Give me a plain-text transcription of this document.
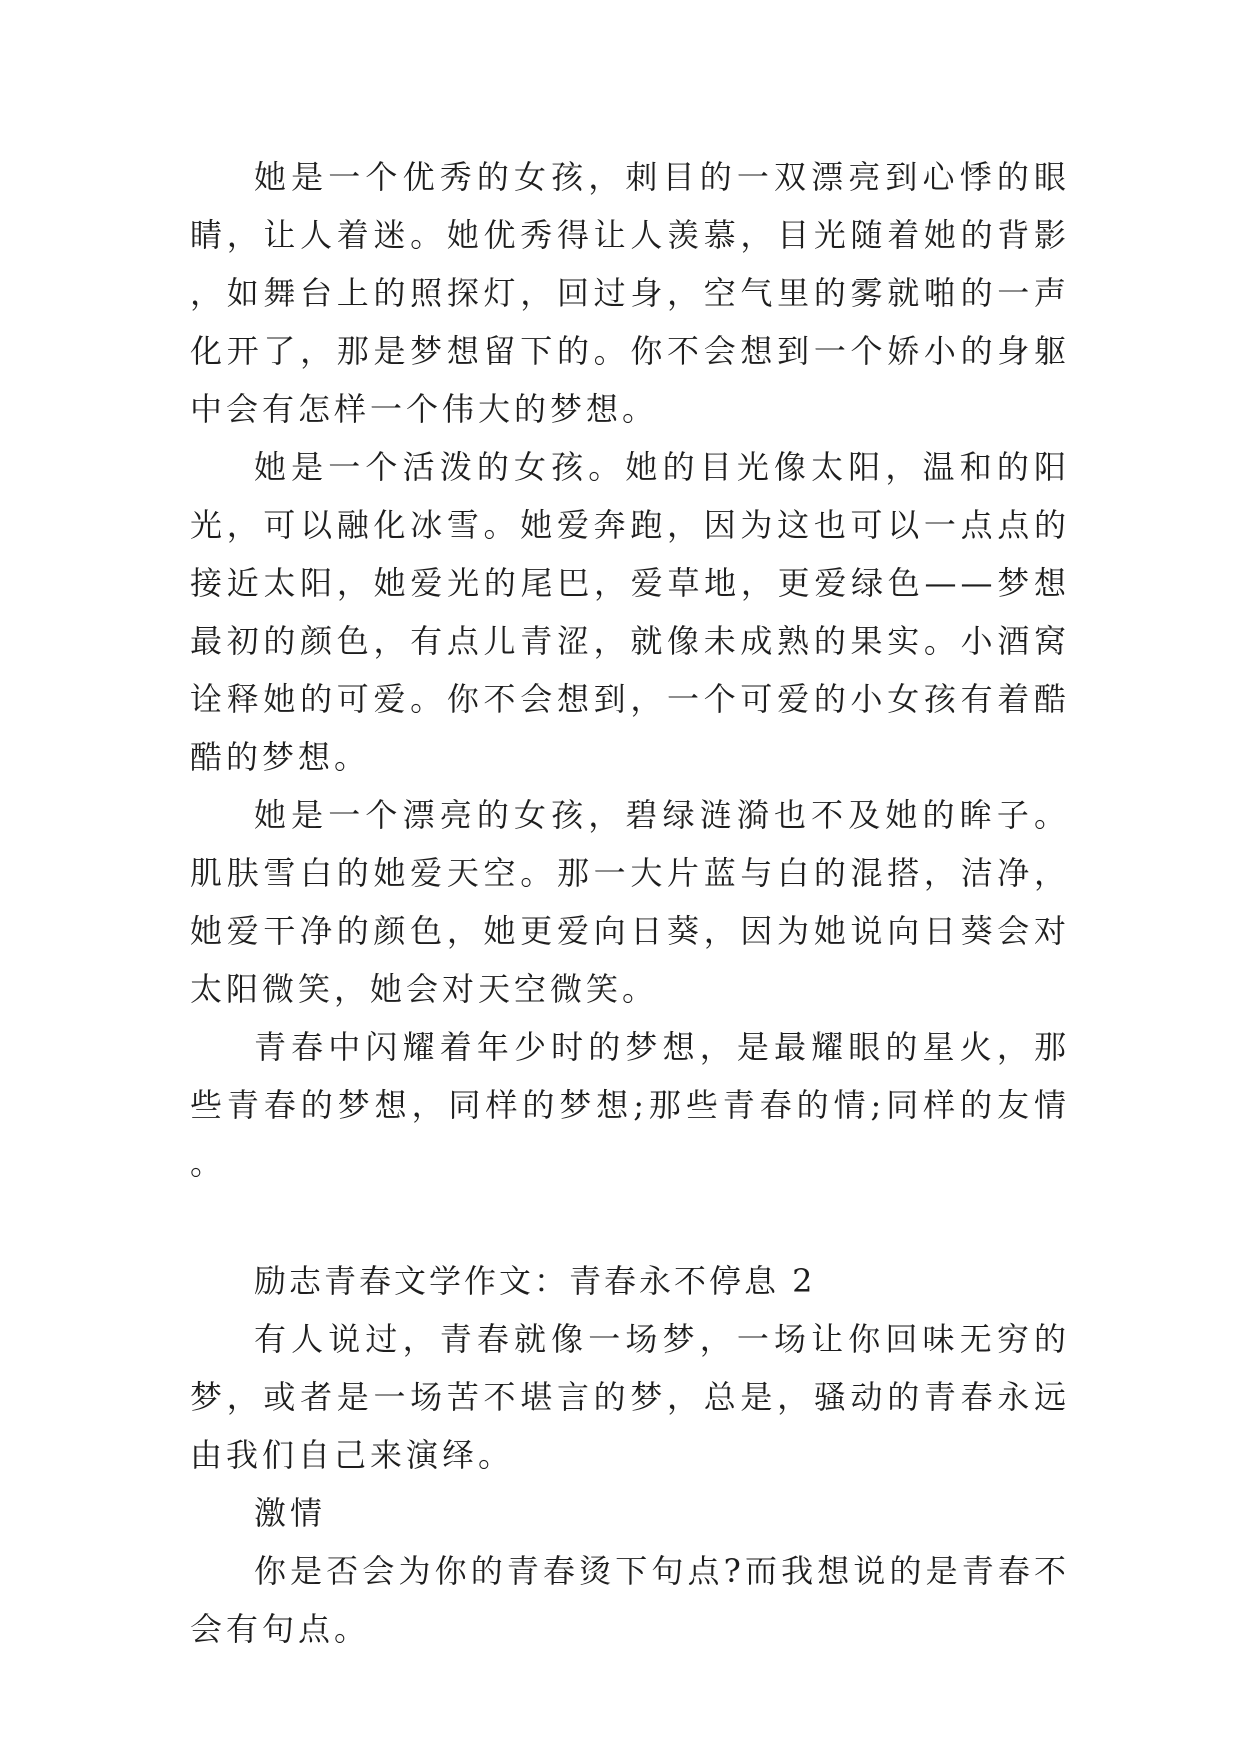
她是一个优秀的女孩，刺目的一双漂亮到心悸的眼睛，让人着迷。她优秀得让人羡慕，目光随着她的背影，如舞台上的照探灯，回过身，空气里的雾就啪的一声化开了，那是梦想留下的。你不会想到一个娇小的身躯中会有怎样一个伟大的梦想。

她是一个活泼的女孩。她的目光像太阳，温和的阳光，可以融化冰雪。她爱奔跑，因为这也可以一点点的接近太阳，她爱光的尾巴，爱草地，更爱绿色——梦想最初的颜色，有点儿青涩，就像未成熟的果实。小酒窝诠释她的可爱。你不会想到，一个可爱的小女孩有着酷酷的梦想。

她是一个漂亮的女孩，碧绿涟漪也不及她的眸子。肌肤雪白的她爱天空。那一大片蓝与白的混搭，洁净，她爱干净的颜色，她更爱向日葵，因为她说向日葵会对太阳微笑，她会对天空微笑。

青春中闪耀着年少时的梦想，是最耀眼的星火，那些青春的梦想，同样的梦想;那些青春的情;同样的友情。

励志青春文学作文：青春永不停息 2

有人说过，青春就像一场梦，一场让你回味无穷的梦，或者是一场苦不堪言的梦，总是，骚动的青春永远由我们自己来演绎。

激情

你是否会为你的青春烫下句点?而我想说的是青春不会有句点。
